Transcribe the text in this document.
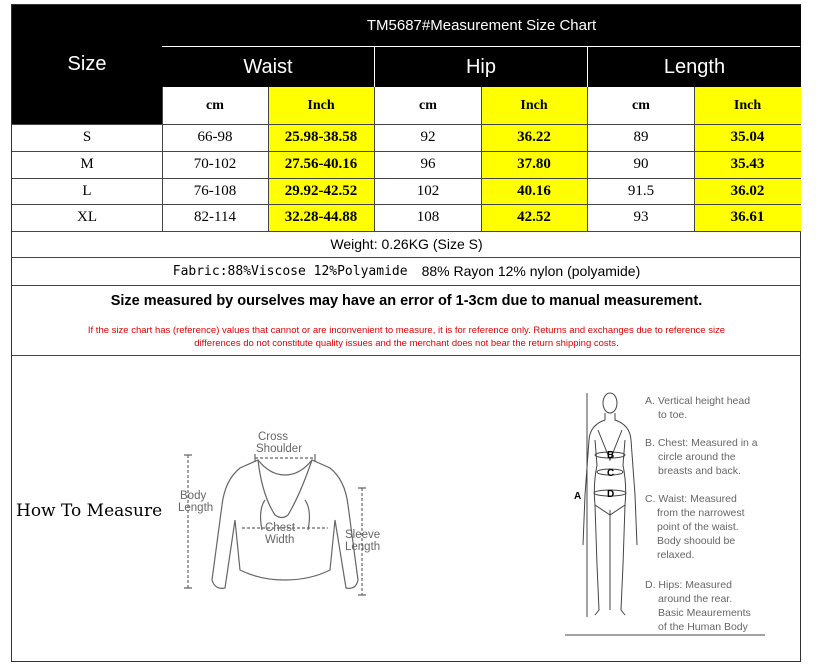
Size
TM5687#Measurement Size Chart
Waist	Hip	Length
cm	Inch	cm	Inch	cm	Inch
S	66-98	25.98-38.58	92	36.22	89	35.04
M	70-102	27.56-40.16	96	37.80	90	35.43
L	76-108	29.92-42.52	102	40.16	91.5	36.02
XL	82-114	32.28-44.88	108	42.52	93	36.61
Weight: 0.26KG (Size S)
Fabric:88%Viscose 12%Polyamide 88% Rayon 12% nylon (polyamide)
Size measured by ourselves may have an error of 1-3cm due to manual measurement.
If the size chart has (reference) values that cannot or are inconvenient to measure, it is for reference only. Returns and exchanges due to reference size
differences do not constitute quality issues and the merchant does not bear the return shipping costs.
How To Measure
Cross
Shoulder
Body
Length
Chest
Width	Sleeve
Length
A
B
C
D
A. Vertical height head
to toe.
B. Chest: Measured in a
circle around the
breasts and back.
C. Waist: Measured
from the narrowest
point of the waist.
Body shoould be
relaxed.
D. Hips: Measured
around the rear.
Basic Meaurements
of the Human Body
